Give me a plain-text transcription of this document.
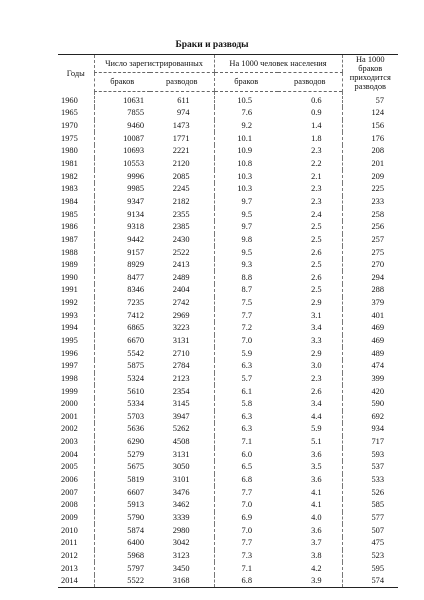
Браки и разводы
Годы	Число зарегистрированных		На 1000 человек населения		На 1000 браков приходится разводов
	браков	разводов	браков	разводов	
1960	10631	611	10.5	0.6	57
1965	7855	974	7.6	0.9	124
1970	9460	1473	9.2	1.4	156
1975	10087	1771	10.1	1.8	176
1980	10693	2221	10.9	2.3	208
1981	10553	2120	10.8	2.2	201
1982	9996	2085	10.3	2.1	209
1983	9985	2245	10.3	2.3	225
1984	9347	2182	9.7	2.3	233
1985	9134	2355	9.5	2.4	258
1986	9318	2385	9.7	2.5	256
1987	9442	2430	9.8	2.5	257
1988	9157	2522	9.5	2.6	275
1989	8929	2413	9.3	2.5	270
1990	8477	2489	8.8	2.6	294
1991	8346	2404	8.7	2.5	288
1992	7235	2742	7.5	2.9	379
1993	7412	2969	7.7	3.1	401
1994	6865	3223	7.2	3.4	469
1995	6670	3131	7.0	3.3	469
1996	5542	2710	5.9	2.9	489
1997	5875	2784	6.3	3.0	474
1998	5324	2123	5.7	2.3	399
1999	5610	2354	6.1	2.6	420
2000	5334	3145	5.8	3.4	590
2001	5703	3947	6.3	4.4	692
2002	5636	5262	6.3	5.9	934
2003	6290	4508	7.1	5.1	717
2004	5279	3131	6.0	3.6	593
2005	5675	3050	6.5	3.5	537
2006	5819	3101	6.8	3.6	533
2007	6607	3476	7.7	4.1	526
2008	5913	3462	7.0	4.1	585
2009	5790	3339	6.9	4.0	577
2010	5874	2980	7.0	3.6	507
2011	6400	3042	7.7	3.7	475
2012	5968	3123	7.3	3.8	523
2013	5797	3450	7.1	4.2	595
2014	5522	3168	6.8	3.9	574
